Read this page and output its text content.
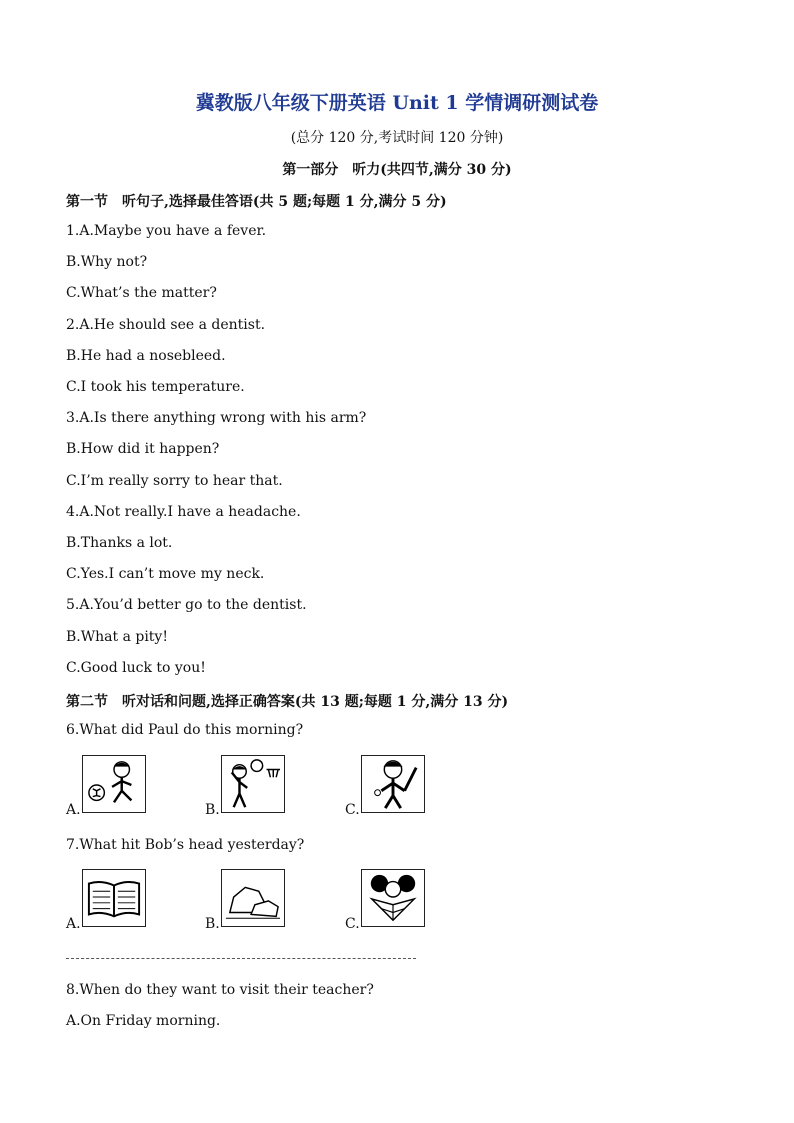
冀教版八年级下册英语 Unit 1 学情调研测试卷
(总分 120 分,考试时间 120 分钟)
第一部分　听力(共四节,满分 30 分)
第一节　听句子,选择最佳答语(共 5 题;每题 1 分,满分 5 分)
1.A.Maybe you have a fever.
B.Why not?
C.What’s the matter?
2.A.He should see a dentist.
B.He had a nosebleed.
C.I took his temperature.
3.A.Is there anything wrong with his arm?
B.How did it happen?
C.I’m really sorry to hear that.
4.A.Not really.I have a headache.
B.Thanks a lot.
C.Yes.I can’t move my neck.
5.A.You’d better go to the dentist.
B.What a pity!
C.Good luck to you!
第二节　听对话和问题,选择正确答案(共 13 题;每题 1 分,满分 13 分)
6.What did Paul do this morning?
A.	B.	C.
7.What hit Bob’s head yesterday?
A.	B.	C.
8.When do they want to visit their teacher?
A.On Friday morning.
